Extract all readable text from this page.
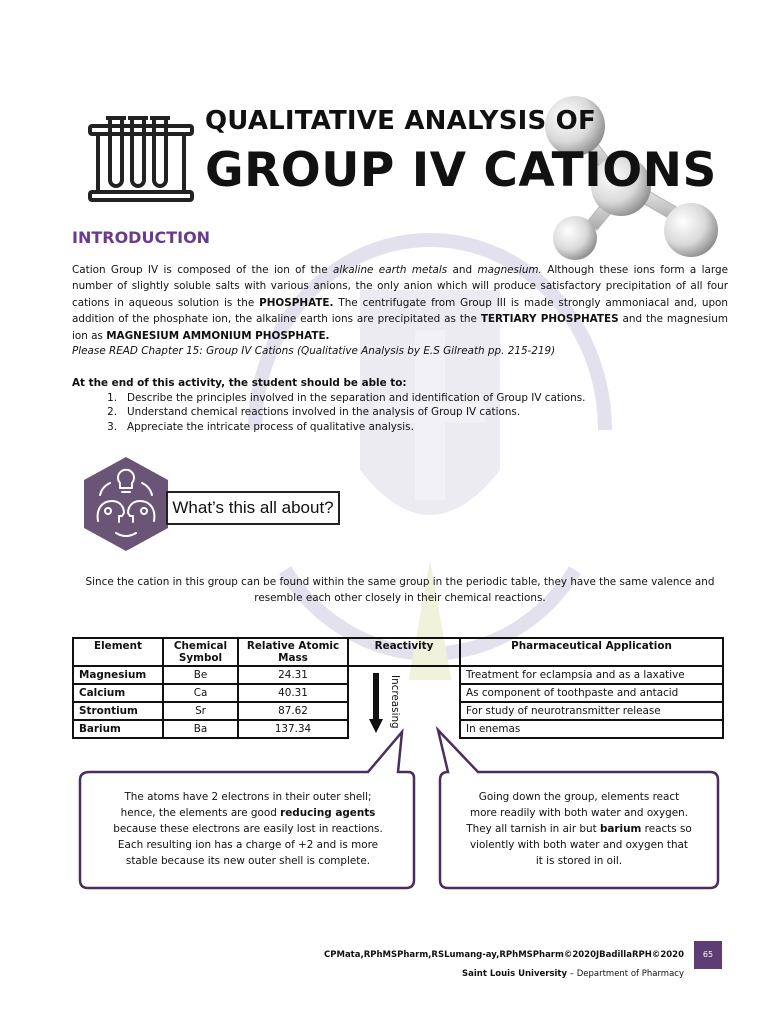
QUALITATIVE ANALYSIS OF
GROUP IV CATIONS
INTRODUCTION

Cation Group IV is composed of the ion of the alkaline earth metals and magnesium. Although these ions form a large number of slightly soluble salts with various anions, the only anion which will produce satisfactory precipitation of all four cations in aqueous solution is the PHOSPHATE. The centrifugate from Group III is made strongly ammoniacal and, upon addition of the phosphate ion, the alkaline earth ions are precipitated as the TERTIARY PHOSPHATES and the magnesium ion as MAGNESIUM AMMONIUM PHOSPHATE.

Please READ Chapter 15: Group IV Cations (Qualitative Analysis by E.S Gilreath pp. 215-219)

At the end of this activity, the student should be able to:

1. Describe the principles involved in the separation and identification of Group IV cations.
2. Understand chemical reactions involved in the analysis of Group IV cations.
3. Appreciate the intricate process of qualitative analysis.
What’s this all about?

Since the cation in this group can be found within the same group in the periodic table, they have the same valence and resemble each other closely in their chemical reactions.

Element	Chemical Symbol	Relative Atomic Mass	Reactivity	Pharmaceutical Application
Magnesium	Be	24.31	Increasing	Treatment for eclampsia and as a laxative
Calcium	Ca	40.31		As component of toothpaste and antacid
Strontium	Sr	87.62		For study of neurotransmitter release
Barium	Ba	137.34		In enemas

The atoms have 2 electrons in their outer shell;

hence, the elements are good reducing agents

because these electrons are easily lost in reactions.

Each resulting ion has a charge of +2 and is more

stable because its new outer shell is complete.

Going down the group, elements react

more readily with both water and oxygen.

They all tarnish in air but barium reacts so

violently with both water and oxygen that

it is stored in oil.

CPMata,RPhMSPharm,RSLumang-ay,RPhMSPharm©2020JBadillaRPH©2020

Saint Louis University – Department of Pharmacy

65
